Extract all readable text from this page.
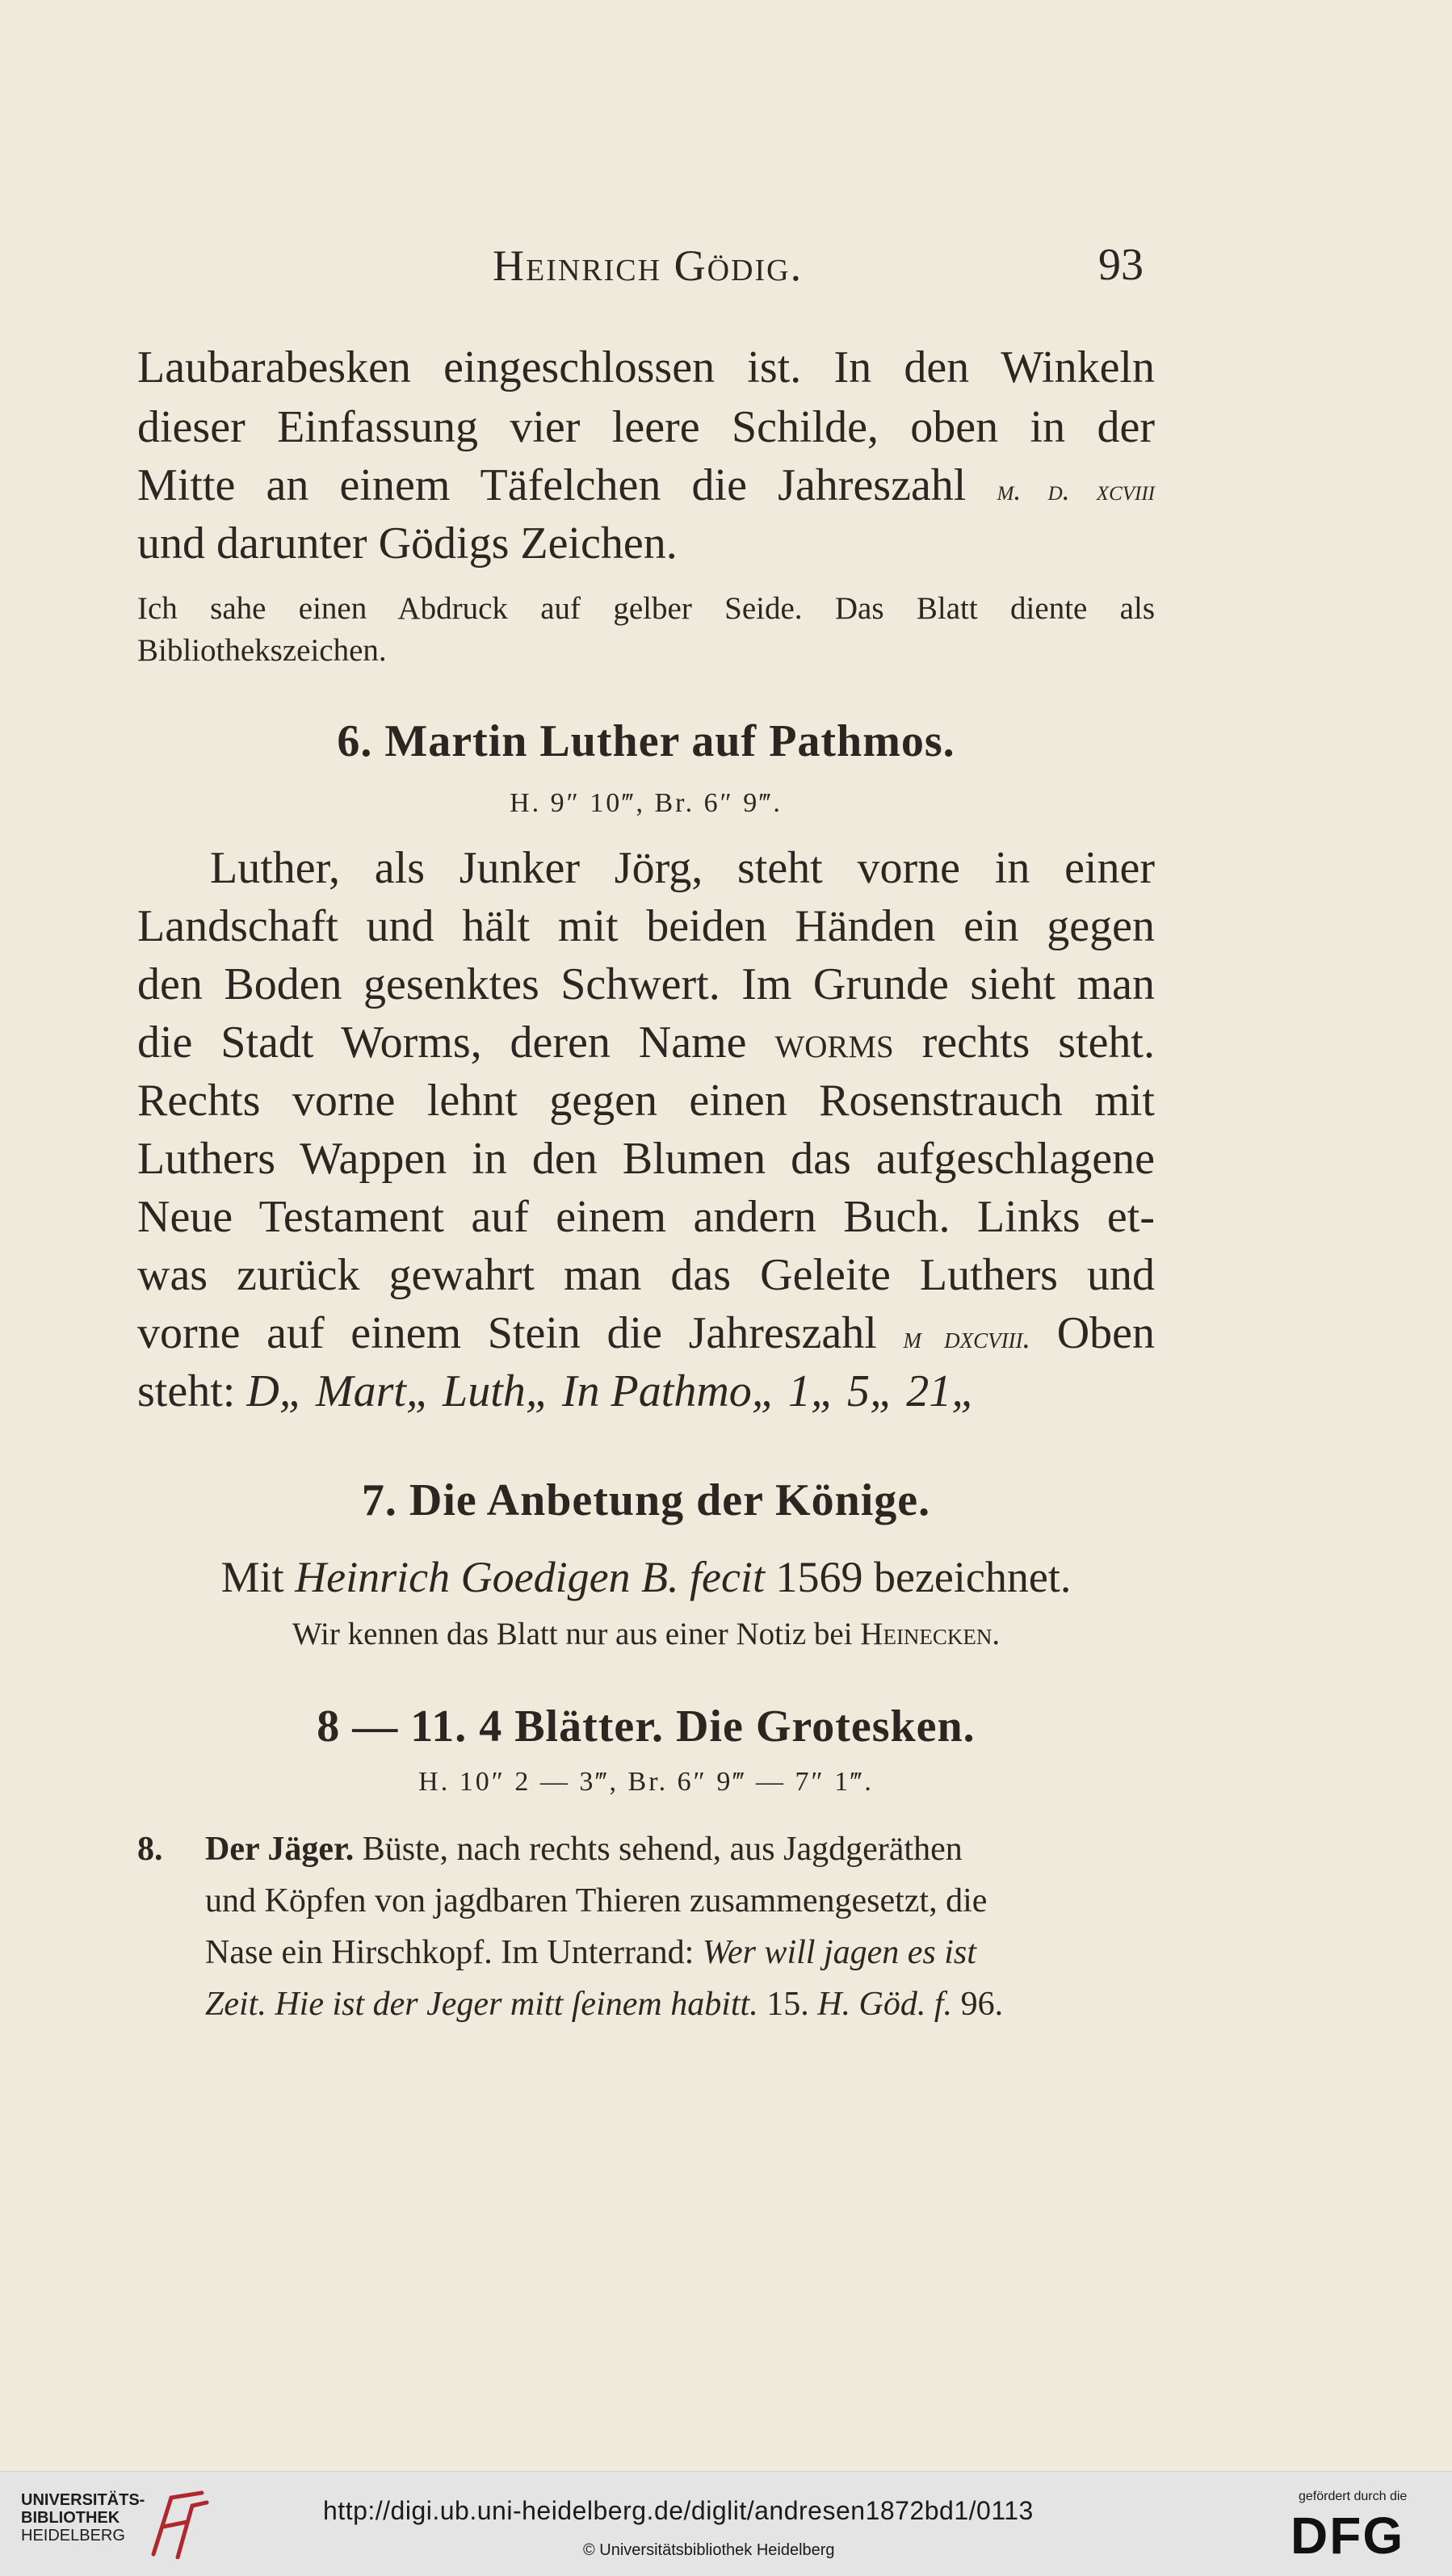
Heinrich Gödig.	93
Laubarabesken eingeschlossen ist. In den Winkeln
dieser Einfassung vier leere Schilde, oben in der
Mitte an einem Täfelchen die Jahreszahl m. d. xcviii
und darunter Gödigs Zeichen.
Ich sahe einen Abdruck auf gelber Seide. Das Blatt diente als Bibliothekszeichen.
6. Martin Luther auf Pathmos.
H. 9″ 10‴, Br. 6″ 9‴.
Luther, als Junker Jörg, steht vorne in einer
Landschaft und hält mit beiden Händen ein gegen
den Boden gesenktes Schwert. Im Grunde sieht man
die Stadt Worms, deren Name worms rechts steht.
Rechts vorne lehnt gegen einen Rosenstrauch mit
Luthers Wappen in den Blumen das aufgeschlagene
Neue Testament auf einem andern Buch. Links et-
was zurück gewahrt man das Geleite Luthers und
vorne auf einem Stein die Jahreszahl m dxcviii. Oben
steht: D„ Mart„ Luth„ In Pathmo„ 1„ 5„ 21„
7. Die Anbetung der Könige.
Mit Heinrich Goedigen B. fecit 1569 bezeichnet.
Wir kennen das Blatt nur aus einer Notiz bei Heinecken.
8 — 11. 4 Blätter. Die Grotesken.
H. 10″ 2 — 3‴, Br. 6″ 9‴ — 7″ 1‴.
8. Der Jäger. Büste, nach rechts sehend, aus Jagdgeräthen
und Köpfen von jagdbaren Thieren zusammengesetzt, die
Nase ein Hirschkopf. Im Unterrand: Wer will jagen es ist
Zeit. Hie ist der Jeger mitt ſeinem habitt. 15. H. Göd. f. 96.
UNIVERSITÄTS-
BIBLIOTHEK
HEIDELBERG
http://digi.ub.uni-heidelberg.de/diglit/andresen1872bd1/0113
© Universitätsbibliothek Heidelberg
gefördert durch die
DFG
